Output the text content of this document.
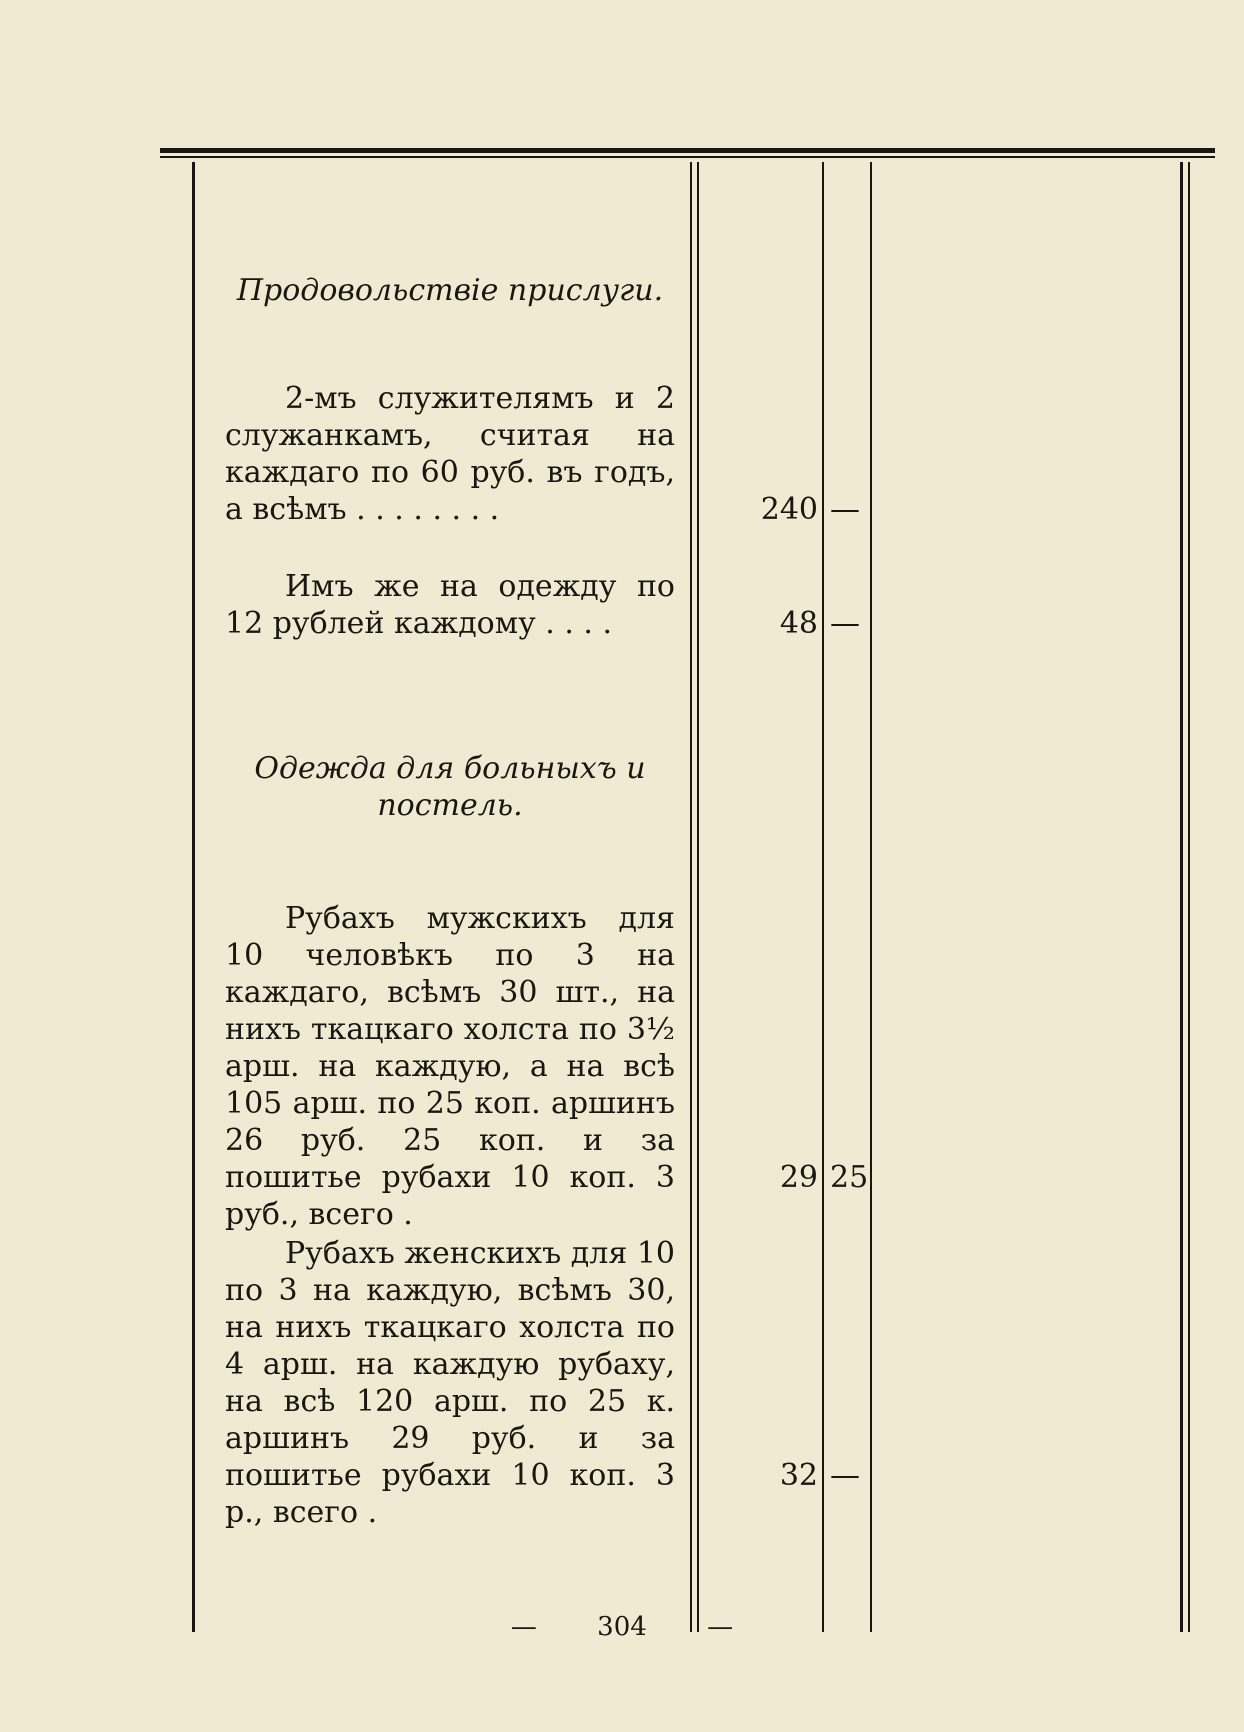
Продовольствіе прислуги.
2-мъ служителямъ и 2 служанкамъ, считая на каждаго по 60 руб. въ годъ, а всѣмъ . . . . . . . .	240 —
Имъ же на одежду по 12 рублей каждому . . . .	48 —
Одежда для больныхъ и постель.
Рубахъ мужскихъ для 10 человѣкъ по 3 на каждаго, всѣмъ 30 шт., на нихъ ткацкаго холста по 3½ арш. на каждую, а на всѣ 105 арш. по 25 коп. аршинъ 26 руб. 25 коп. и за пошитье рубахи 10 коп. 3 руб., всего .
29 25
Рубахъ женскихъ для 10 по 3 на каждую, всѣмъ 30, на нихъ ткацкаго холста по 4 арш. на каждую рубаху, на всѣ 120 арш. по 25 к. аршинъ 29 руб. и за пошитье рубахи 10 коп. 3 р., всего .
32 —
— 304 —
